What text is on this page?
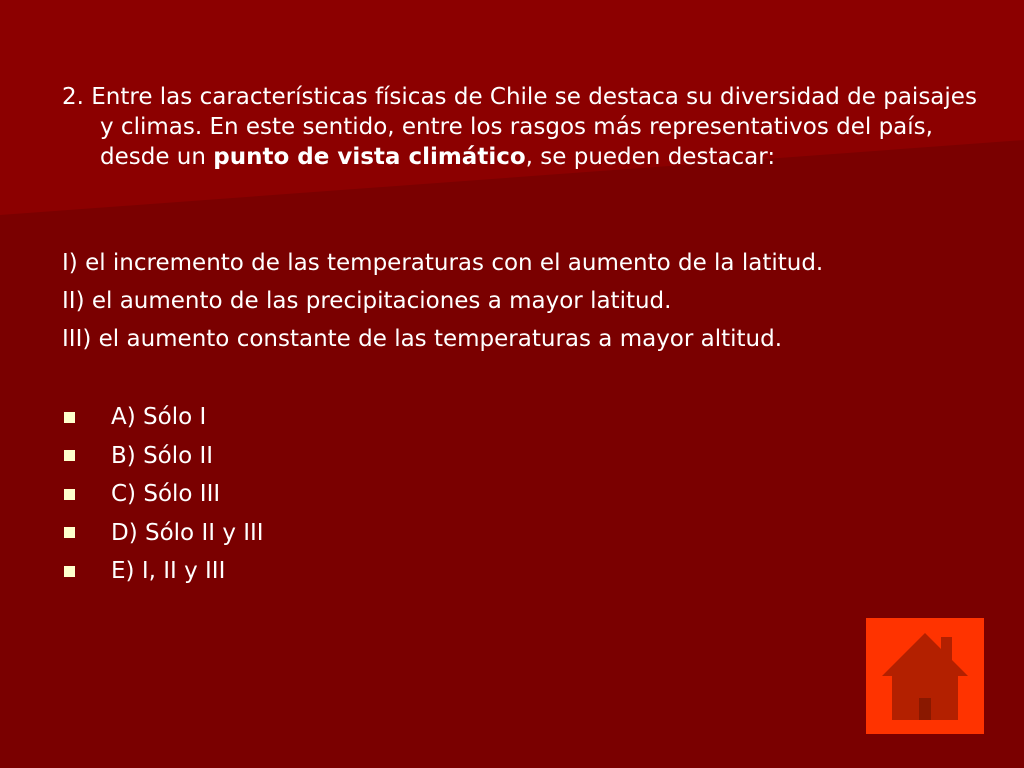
2. Entre las características físicas de Chile se destaca su diversidad de paisajes y climas. En este sentido, entre los rasgos más representativos del país, desde un punto de vista climático, se pueden destacar:

I) el incremento de las temperaturas con el aumento de la latitud.

II) el aumento de las precipitaciones a mayor latitud.

III) el aumento constante de las temperaturas a mayor altitud.

A) Sólo I
B) Sólo II
C) Sólo III
D) Sólo II y III
E) I, II y III
